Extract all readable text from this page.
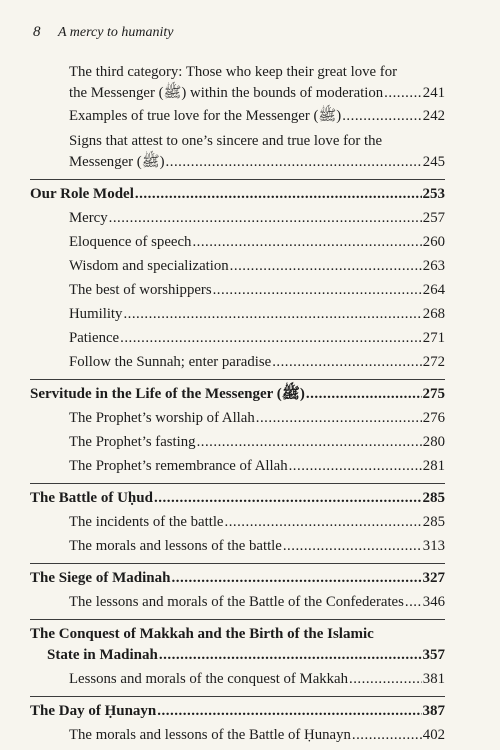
8 A mercy to humanity
The third category: Those who keep their great love for
the Messenger (ﷺ) within the bounds of moderation .....	241
Examples of true love for the Messenger (ﷺ) .....	242
Signs that attest to one’s sincere and true love for the
Messenger (ﷺ) .....	245
Our Role Model .....	253
Mercy .....	257
Eloquence of speech .....	260
Wisdom and specialization .....	263
The best of worshippers .....	264
Humility .....	268
Patience .....	271
Follow the Sunnah; enter paradise .....	272
Servitude in the Life of the Messenger (ﷺ) .....	275
The Prophet’s worship of Allah .....	276
The Prophet’s fasting .....	280
The Prophet’s remembrance of Allah .....	281
The Battle of Uḥud .....	285
The incidents of the battle .....	285
The morals and lessons of the battle .....	313
The Siege of Madinah .....	327
The lessons and morals of the Battle of the Confederates ..... 346
The Conquest of Makkah and the Birth of the Islamic
State in Madinah .....	357
Lessons and morals of the conquest of Makkah .....	381
The Day of Ḥunayn .....	387
The morals and lessons of the Battle of Ḥunayn .....	402
